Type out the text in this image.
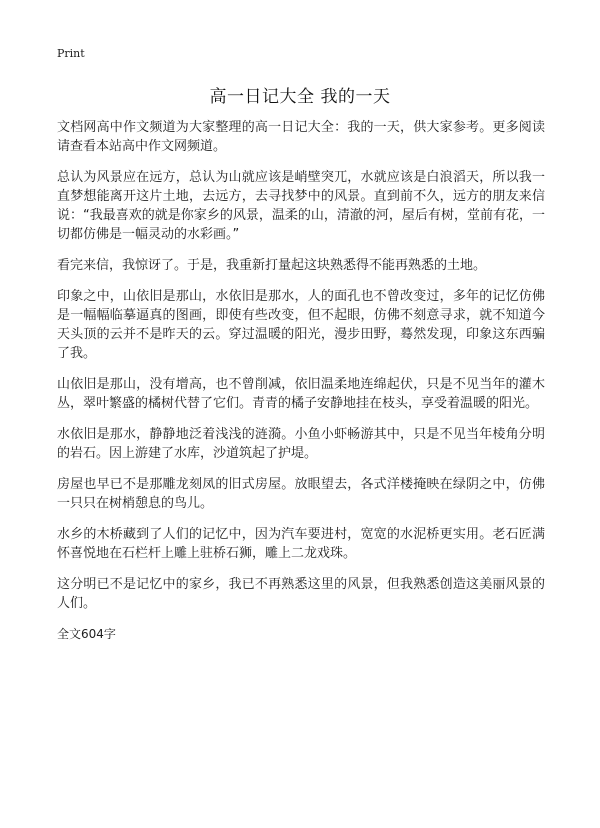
Print
高一日记大全 我的一天

文档网高中作文频道为大家整理的高一日记大全：我的一天，供大家参考。更多阅读请查看本站高中作文网频道。

总认为风景应在远方，总认为山就应该是峭壁突兀，水就应该是白浪滔天，所以我一直梦想能离开这片土地，去远方，去寻找梦中的风景。直到前不久，远方的朋友来信说：“我最喜欢的就是你家乡的风景，温柔的山，清澈的河，屋后有树，堂前有花，一切都仿佛是一幅灵动的水彩画。”

看完来信，我惊讶了。于是，我重新打量起这块熟悉得不能再熟悉的土地。

印象之中，山依旧是那山，水依旧是那水，人的面孔也不曾改变过，多年的记忆仿佛是一幅幅临摹逼真的图画，即使有些改变，但不起眼，仿佛不刻意寻求，就不知道今天头顶的云并不是昨天的云。穿过温暖的阳光，漫步田野，蓦然发现，印象这东西骗了我。

山依旧是那山，没有增高，也不曾削减，依旧温柔地连绵起伏，只是不见当年的灌木丛，翠叶繁盛的橘树代替了它们。青青的橘子安静地挂在枝头，享受着温暖的阳光。

水依旧是那水，静静地泛着浅浅的涟漪。小鱼小虾畅游其中，只是不见当年棱角分明的岩石。因上游建了水库，沙道筑起了护堤。

房屋也早已不是那雕龙刻凤的旧式房屋。放眼望去，各式洋楼掩映在绿阴之中，仿佛一只只在树梢憩息的鸟儿。

水乡的木桥藏到了人们的记忆中，因为汽车要进村，宽宽的水泥桥更实用。老石匠满怀喜悦地在石栏杆上雕上驻桥石狮，雕上二龙戏珠。

这分明已不是记忆中的家乡，我已不再熟悉这里的风景，但我熟悉创造这美丽风景的人们。

全文604字
